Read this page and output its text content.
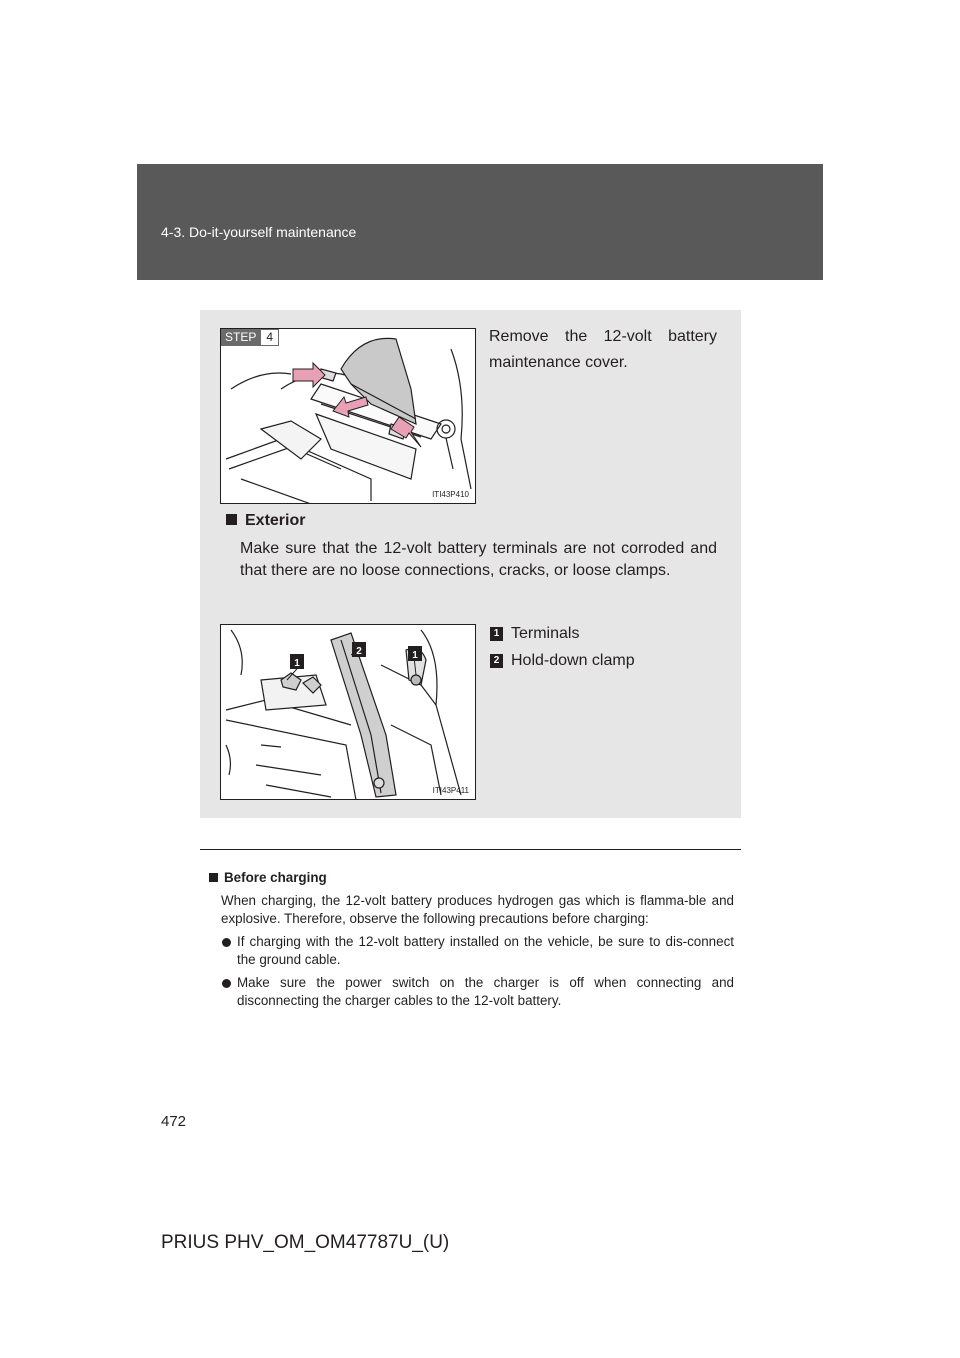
4-3. Do-it-yourself maintenance
STEP 4
ITI43P410
Remove the 12-volt battery maintenance cover.
Exterior
Make sure that the 12-volt battery terminals are not corroded and that there are no loose connections, cracks, or loose clamps.
1
2	1
ITI43P411
1 Terminals
2 Hold-down clamp
Before charging
When charging, the 12-volt battery produces hydrogen gas which is flamma-ble and explosive. Therefore, observe the following precautions before charging:
If charging with the 12-volt battery installed on the vehicle, be sure to dis-connect the ground cable.
Make sure the power switch on the charger is off when connecting and disconnecting the charger cables to the 12-volt battery.
472
PRIUS PHV_OM_OM47787U_(U)
